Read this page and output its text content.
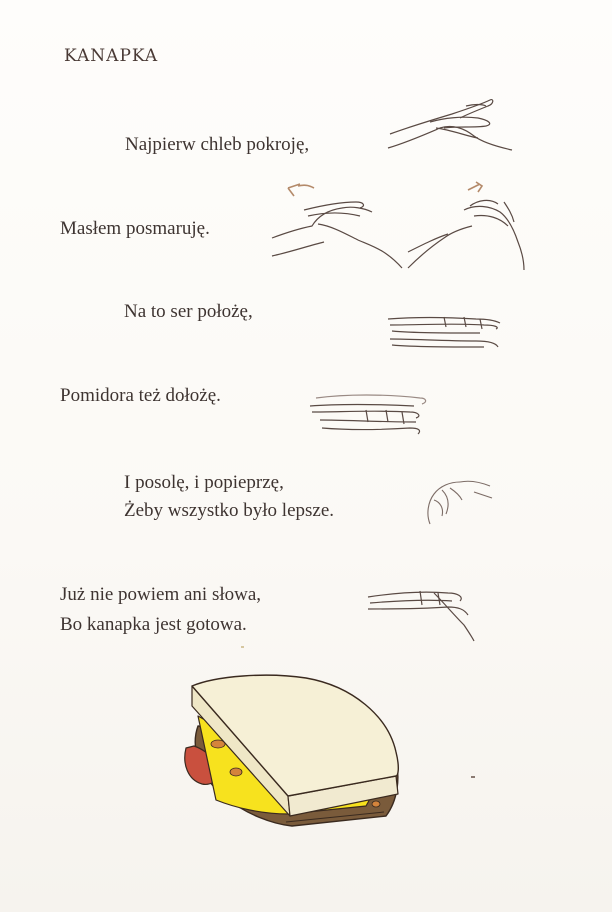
KANAPKA
Najpierw chleb pokroję,
Masłem posmaruję.
Na to ser położę,
Pomidora też dołożę.
I posolę, i popieprzę,
Żeby wszystko było lepsze.
Już nie powiem ani słowa,
Bo kanapka jest gotowa.
